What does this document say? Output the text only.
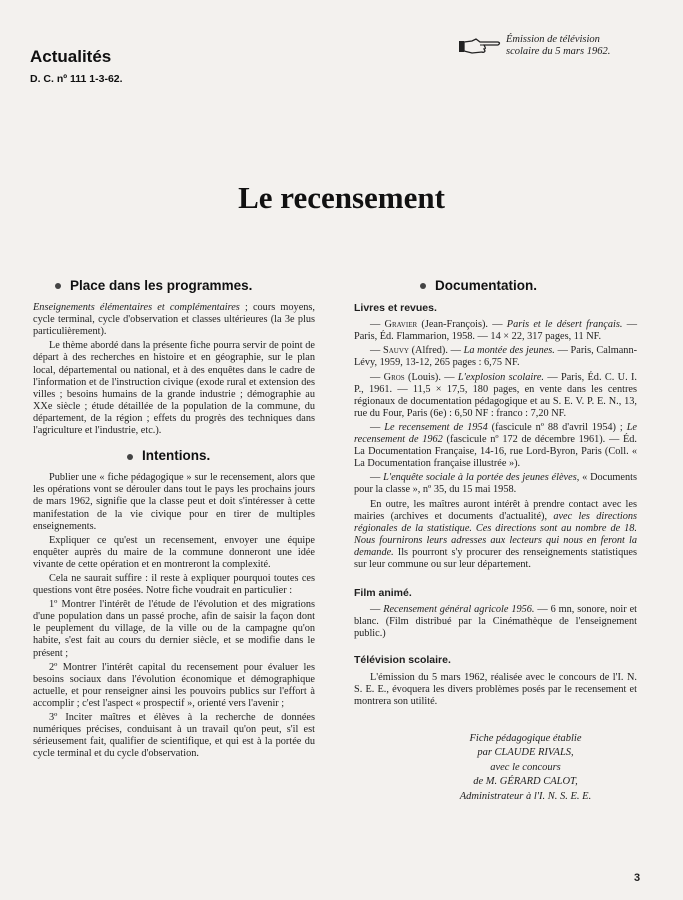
Actualités
D. C. nº 111 1-3-62.
Émission de télévision
scolaire du 5 mars 1962.
Le recensement

Place dans les programmes.

Enseignements élémentaires et complémentaires ; cours moyens, cycle terminal, cycle d'observation et classes ultérieures (la 3e plus particulièrement).

Le thème abordé dans la présente fiche pourra servir de point de départ à des recherches en histoire et en géographie, sur le plan local, départemental ou national, et à des enquêtes dans le cadre de l'information et de l'instruction civique (exode rural et extension des villes ; besoins humains de la grande industrie ; démographie au XXe siècle ; étude détaillée de la population de la commune, du département, de la région ; effets du progrès des techniques dans l'agriculture et l'industrie, etc.).

Intentions.

Publier une « fiche pédagogique » sur le recensement, alors que les opérations vont se dérouler dans tout le pays les prochains jours de mars 1962, signifie que la classe peut et doit s'intéresser à cette manifestation de la vie civique pour en tirer de multiples enseignements.

Expliquer ce qu'est un recensement, envoyer une équipe enquêter auprès du maire de la commune donneront une idée vivante de cette opération et en montreront la complexité.

Cela ne saurait suffire : il reste à expliquer pourquoi toutes ces questions vont être posées. Notre fiche voudrait en particulier :

1º Montrer l'intérêt de l'étude de l'évolution et des migrations d'une population dans un passé proche, afin de saisir la façon dont le peuplement du village, de la ville ou de la campagne qu'on habite, s'est fait au cours du dernier siècle, et se modifie dans le présent ;

2º Montrer l'intérêt capital du recensement pour évaluer les besoins sociaux dans l'évolution économique et démographique actuelle, et pour renseigner ainsi les pouvoirs publics sur l'effort à accomplir ; c'est l'aspect « prospectif », orienté vers l'avenir ;

3º Inciter maîtres et élèves à la recherche de données numériques précises, conduisant à un travail qu'on peut, s'il est sérieusement fait, qualifier de scientifique, et qui est à la portée du cycle terminal et du cycle d'observation.

Documentation.

Livres et revues.

— Gravier (Jean-François). — Paris et le désert français. — Paris, Éd. Flammarion, 1958. — 14 × 22, 317 pages, 11 NF.

— Sauvy (Alfred). — La montée des jeunes. — Paris, Calmann-Lévy, 1959, 13-12, 265 pages : 6,75 NF.

— Gros (Louis). — L'explosion scolaire. — Paris, Éd. C. U. I. P., 1961. — 11,5 × 17,5, 180 pages, en vente dans les centres régionaux de documentation pédagogique et au S. E. V. P. E. N., 13, rue du Four, Paris (6e) : 6,50 NF : franco : 7,20 NF.

— Le recensement de 1954 (fascicule nº 88 d'avril 1954) ; Le recensement de 1962 (fascicule nº 172 de décembre 1961). — Éd. La Documentation Française, 14-16, rue Lord-Byron, Paris (Coll. « La Documentation française illustrée »).

— L'enquête sociale à la portée des jeunes élèves, « Documents pour la classe », nº 35, du 15 mai 1958.

En outre, les maîtres auront intérêt à prendre contact avec les mairies (archives et documents d'actualité), avec les directions régionales de la statistique. Ces directions sont au nombre de 18. Nous fournirons leurs adresses aux lecteurs qui nous en feront la demande. Ils pourront s'y procurer des renseignements statistiques sur leur commune ou sur leur département.

Film animé.

— Recensement général agricole 1956. — 6 mn, sonore, noir et blanc. (Film distribué par la Cinémathèque de l'enseignement public.)

Télévision scolaire.

L'émission du 5 mars 1962, réalisée avec le concours de l'I. N. S. E. E., évoquera les divers problèmes posés par le recensement et montrera son utilité.

Fiche pédagogique établie
par CLAUDE RIVALS,
avec le concours
de M. GÉRARD CALOT,
Administrateur à l'I. N. S. E. E.
3
